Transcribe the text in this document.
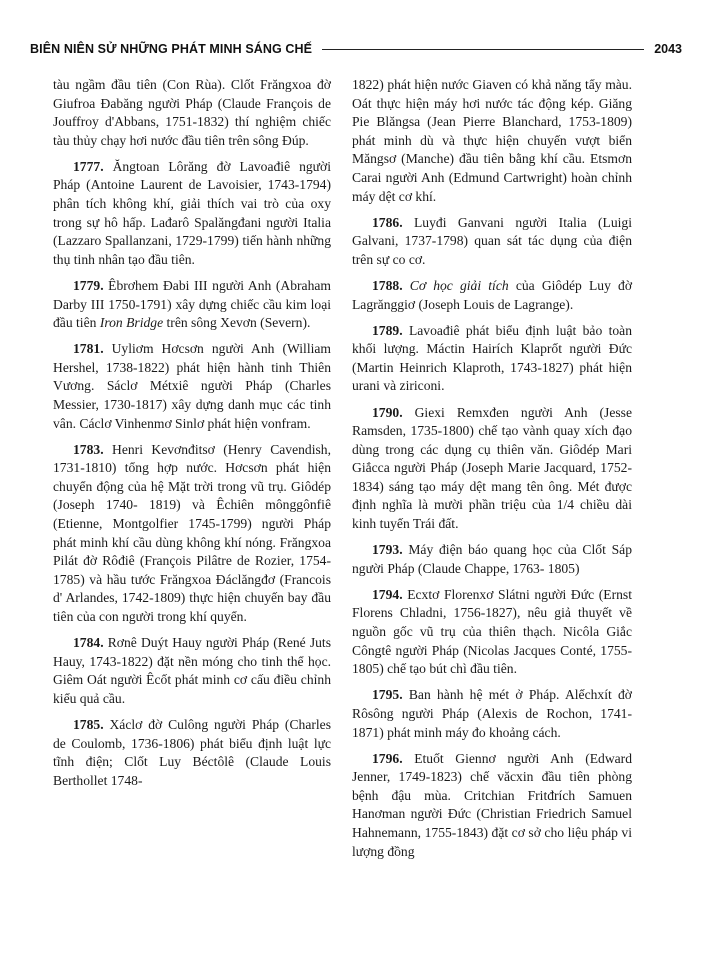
BIÊN NIÊN SỬ NHỮNG PHÁT MINH SÁNG CHẾ	2043

tàu ngầm đầu tiên (Con Rùa). Clốt Frăngxoa đờ Giufroa Đabăng người Pháp (Claude François de Jouffroy d'Abbans, 1751-1832) thí nghiệm chiếc tàu thủy chạy hơi nước đầu tiên trên sông Đúp.

1777. Ăngtoan Lôrăng đờ Lavoađiê người Pháp (Antoine Laurent de Lavoisier, 1743-1794) phân tích không khí, giải thích vai trò của oxy trong sự hô hấp. Lađarô Spalăngđani người Italia (Lazzaro Spallanzani, 1729-1799) tiến hành những thụ tinh nhân tạo đầu tiên.

1779. Êbrơhem Đabi III người Anh (Abraham Darby III 1750-1791) xây dựng chiếc cầu kim loại đầu tiên Iron Bridge trên sông Xevơn (Severn).

1781. Uyliơm Hơcsơn người Anh (William Hershel, 1738-1822) phát hiện hành tinh Thiên Vương. Sáclơ Métxiê người Pháp (Charles Messier, 1730-1817) xây dựng danh mục các tinh vân. Cáclơ Vinhenmơ Sinlơ phát hiện vonfram.

1783. Henri Kevơnđitsơ (Henry Cavendish, 1731-1810) tổng hợp nước. Hơcsơn phát hiện chuyển động của hệ Mặt trời trong vũ trụ. Giôdép (Joseph 1740- 1819) và Êchiên mônggônfiê (Etienne, Montgolfier 1745-1799) người Pháp phát minh khí cầu dùng không khí nóng. Frăngxoa Pilát đờ Rôđiê (François Pilâtre de Rozier, 1754-1785) và hầu tước Frăngxoa Đáclăngđơ (Francois d' Arlandes, 1742-1809) thực hiện chuyến bay đầu tiên của con người trong khí quyển.

1784. Rơnê Duýt Hauy người Pháp (René Juts Hauy, 1743-1822) đặt nền móng cho tinh thể học. Giêm Oát người Êcốt phát minh cơ cấu điều chỉnh kiểu quả cầu.

1785. Xáclơ đờ Culông người Pháp (Charles de Coulomb, 1736-1806) phát biểu định luật lực tĩnh điện; Clốt Luy Béctôlê (Claude Louis Berthollet 1748-

1822) phát hiện nước Giaven có khả năng tẩy màu. Oát thực hiện máy hơi nước tác động kép. Giăng Pie Blăngsa (Jean Pierre Blanchard, 1753-1809) phát minh dù và thực hiện chuyến vượt biển Măngsơ (Manche) đầu tiên bằng khí cầu. Etsmơn Carai người Anh (Edmund Cartwright) hoàn chỉnh máy dệt cơ khí.

1786. Luyđi Ganvani người Italia (Luigi Galvani, 1737-1798) quan sát tác dụng của điện trên sự co cơ.

1788. Cơ học giải tích của Giôdép Luy đờ Lagrănggiơ (Joseph Louis de Lagrange).

1789. Lavoađiê phát biểu định luật bảo toàn khối lượng. Máctin Hairích Klaprốt người Đức (Martin Heinrich Klaproth, 1743-1827) phát hiện urani và ziriconi.

1790. Giexi Remxđen người Anh (Jesse Ramsden, 1735-1800) chế tạo vành quay xích đạo dùng trong các dụng cụ thiên văn. Giôdép Mari Giắcca người Pháp (Joseph Marie Jacquard, 1752-1834) sáng tạo máy dệt mang tên ông. Mét được định nghĩa là mười phần triệu của 1/4 chiều dài kinh tuyến Trái đất.

1793. Máy điện báo quang học của Clốt Sáp người Pháp (Claude Chappe, 1763- 1805)

1794. Ecxtơ Florenxơ Slátni người Đức (Ernst Florens Chladni, 1756-1827), nêu giả thuyết về nguồn gốc vũ trụ của thiên thạch. Nicôla Giắc Côngtê người Pháp (Nicolas Jacques Conté, 1755-1805) chế tạo bút chì đầu tiên.

1795. Ban hành hệ mét ở Pháp. Alếchxít đờ Rôsông người Pháp (Alexis de Rochon, 1741-1871) phát minh máy đo khoảng cách.

1796. Etuốt Giennơ người Anh (Edward Jenner, 1749-1823) chế văcxin đầu tiên phòng bệnh đậu mùa. Critchian Fritđrích Samuen Hanơman người Đức (Christian Friedrich Samuel Hahnemann, 1755-1843) đặt cơ sở cho liệu pháp vi lượng đồng
